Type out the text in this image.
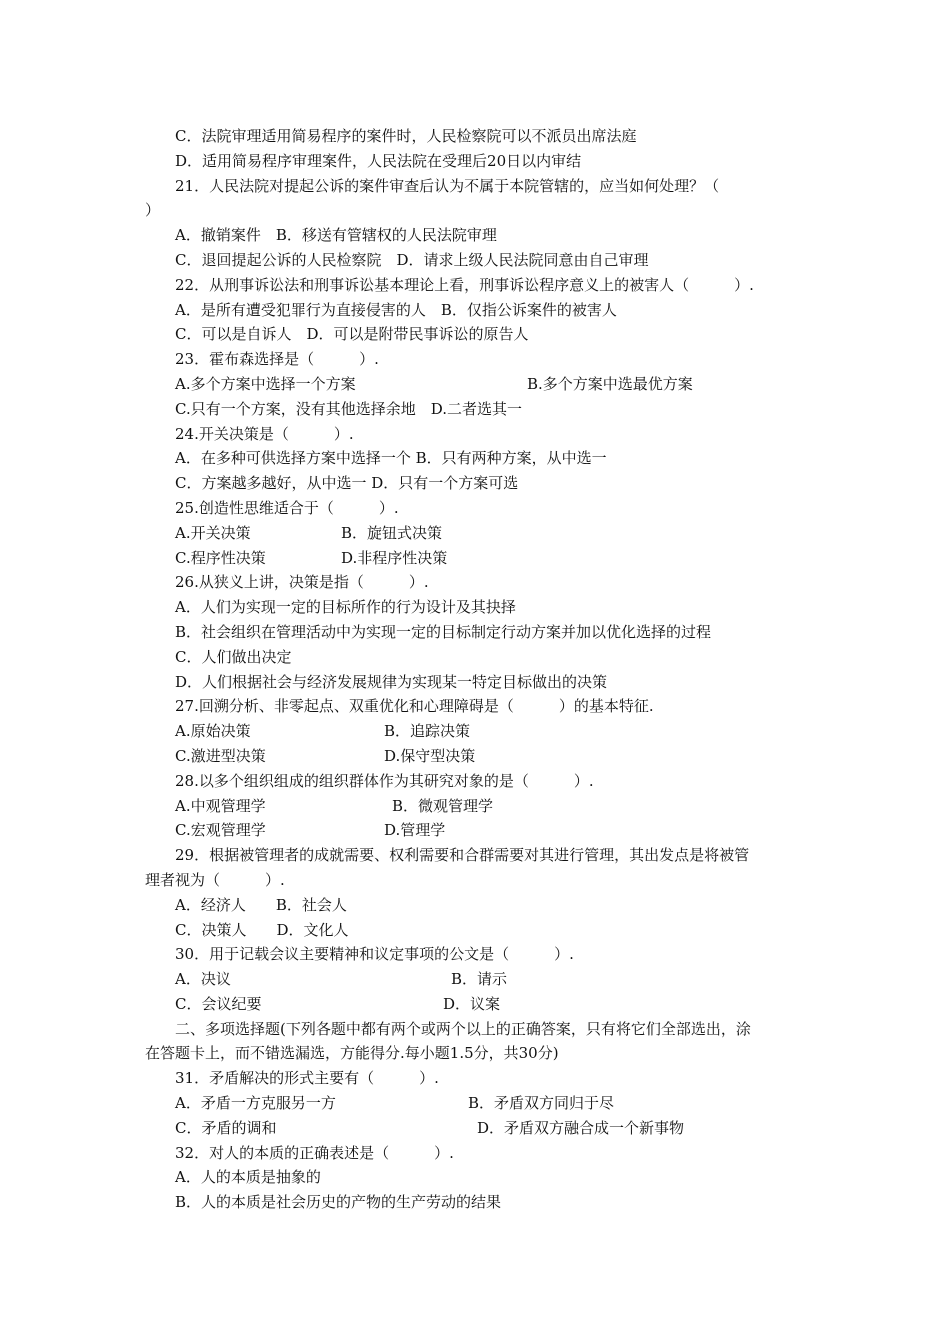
C．法院审理适用简易程序的案件时，人民检察院可以不派员出席法庭
D．适用简易程序审理案件，人民法院在受理后20日以内审结
21．人民法院对提起公诉的案件审查后认为不属于本院管辖的，应当如何处理？（
）
A．撤销案件　B．移送有管辖权的人民法院审理
C．退回提起公诉的人民检察院　D．请求上级人民法院同意由自己审理
22．从刑事诉讼法和刑事诉讼基本理论上看，刑事诉讼程序意义上的被害人（　　　）.
A．是所有遭受犯罪行为直接侵害的人　B．仅指公诉案件的被害人
C．可以是自诉人　D．可以是附带民事诉讼的原告人
23．霍布森选择是（　　　）.
A.多个方案中选择一个方案	B.多个方案中选最优方案
C.只有一个方案，没有其他选择余地　D.二者选其一
24.开关决策是（　　　）.
A．在多种可供选择方案中选择一个 B．只有两种方案，从中选一
C．方案越多越好，从中选一 D．只有一个方案可选
25.创造性思维适合于（　　　）.
A.开关决策	B．旋钮式决策
C.程序性决策	D.非程序性决策
26.从狭义上讲，决策是指（　　　）.
A．人们为实现一定的目标所作的行为设计及其抉择
B．社会组织在管理活动中为实现一定的目标制定行动方案并加以优化选择的过程
C．人们做出决定
D．人们根据社会与经济发展规律为实现某一特定目标做出的决策
27.回溯分析、非零起点、双重优化和心理障碍是（　　　）的基本特征.
A.原始决策	B．追踪决策
C.激进型决策	D.保守型决策
28.以多个组织组成的组织群体作为其研究对象的是（　　　）.
A.中观管理学	B．微观管理学
C.宏观管理学	D.管理学
29．根据被管理者的成就需要、权利需要和合群需要对其进行管理，其出发点是将被管
理者视为（　　　）.
A．经济人　　B．社会人
C．决策人　　D．文化人
30．用于记载会议主要精神和议定事项的公文是（　　　）.
A．决议	B．请示
C．会议纪要	D．议案
二、多项选择题(下列各题中都有两个或两个以上的正确答案，只有将它们全部选出，涂
在答题卡上，而不错选漏选，方能得分.每小题1.5分，共30分)
31．矛盾解决的形式主要有（　　　）.
A．矛盾一方克服另一方	B．矛盾双方同归于尽
C．矛盾的调和	D．矛盾双方融合成一个新事物
32．对人的本质的正确表述是（　　　）.
A．人的本质是抽象的
B．人的本质是社会历史的产物的生产劳动的结果
